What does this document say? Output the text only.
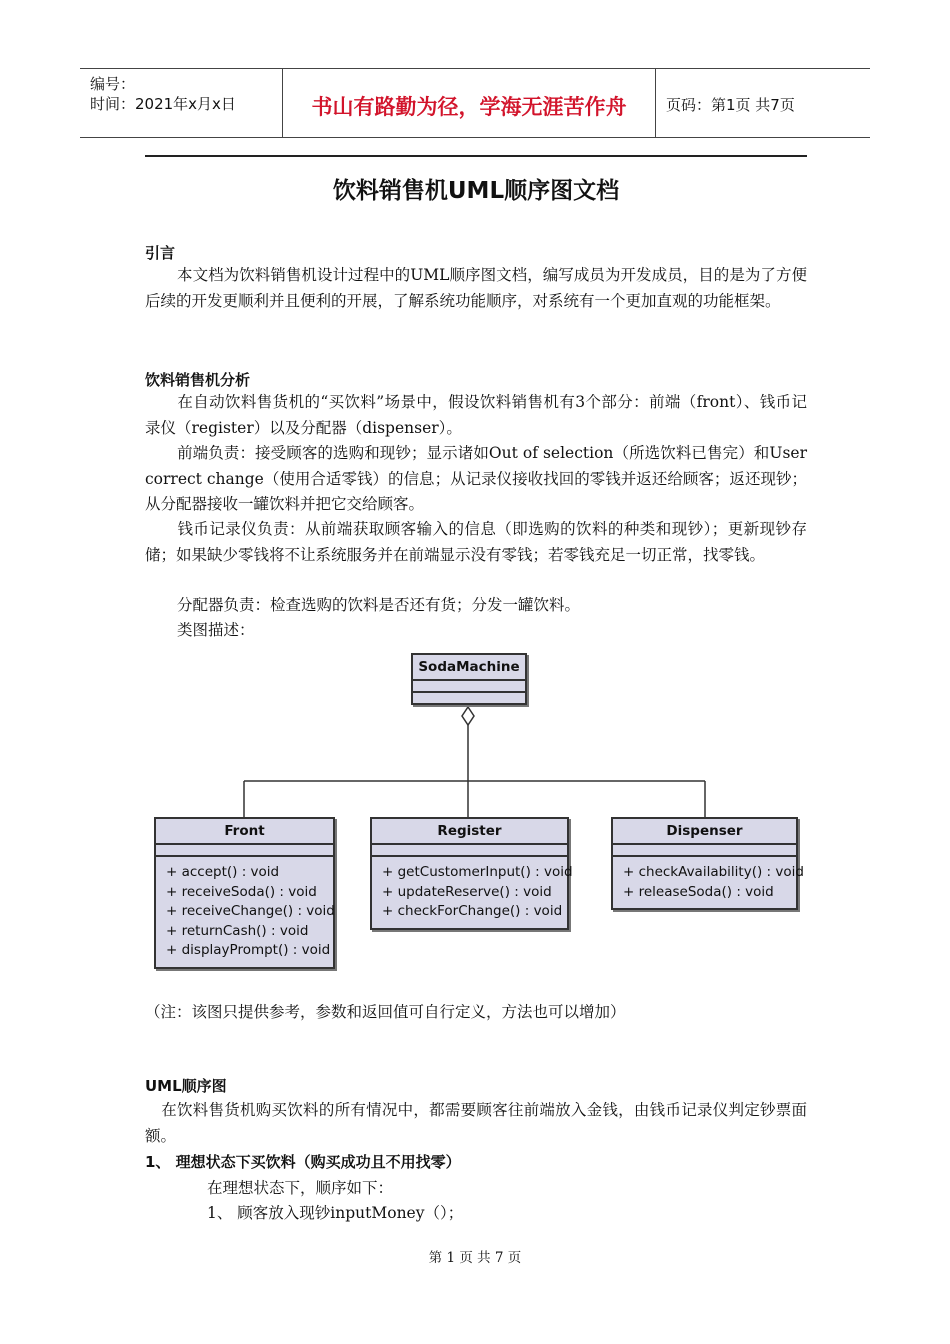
编号：
时间：2021年x月x日	书山有路勤为径，学海无涯苦作舟	页码：第1页 共7页
饮料销售机UML顺序图文档
引言
本文档为饮料销售机设计过程中的UML顺序图文档，编写成员为开发成员，目的是为了方便后续的开发更顺利并且便利的开展，了解系统功能顺序，对系统有一个更加直观的功能框架。
饮料销售机分析
在自动饮料售货机的“买饮料”场景中，假设饮料销售机有3个部分：前端（front）、钱币记录仪（register）以及分配器（dispenser）。
前端负责：接受顾客的选购和现钞；显示诸如Out of selection（所选饮料已售完）和User correct change（使用合适零钱）的信息；从记录仪接收找回的零钱并返还给顾客；返还现钞；从分配器接收一罐饮料并把它交给顾客。
钱币记录仪负责：从前端获取顾客输入的信息（即选购的饮料的种类和现钞）；更新现钞存储；如果缺少零钱将不让系统服务并在前端显示没有零钱；若零钱充足一切正常，找零钱。
分配器负责：检查选购的饮料是否还有货；分发一罐饮料。
类图描述：
SodaMachine
Front
+ accept() : void
+ receiveSoda() : void
+ receiveChange() : void
+ returnCash() : void
+ displayPrompt() : void
Register
+ getCustomerInput() : void
+ updateReserve() : void
+ checkForChange() : void
Dispenser
+ checkAvailability() : void
+ releaseSoda() : void
（注：该图只提供参考，参数和返回值可自行定义，方法也可以增加）
UML顺序图
在饮料售货机购买饮料的所有情况中，都需要顾客往前端放入金钱，由钱币记录仪判定钞票面额。
1、 理想状态下买饮料（购买成功且不用找零）
在理想状态下，顺序如下：
1、 顾客放入现钞inputMoney（）；
第 1 页 共 7 页
